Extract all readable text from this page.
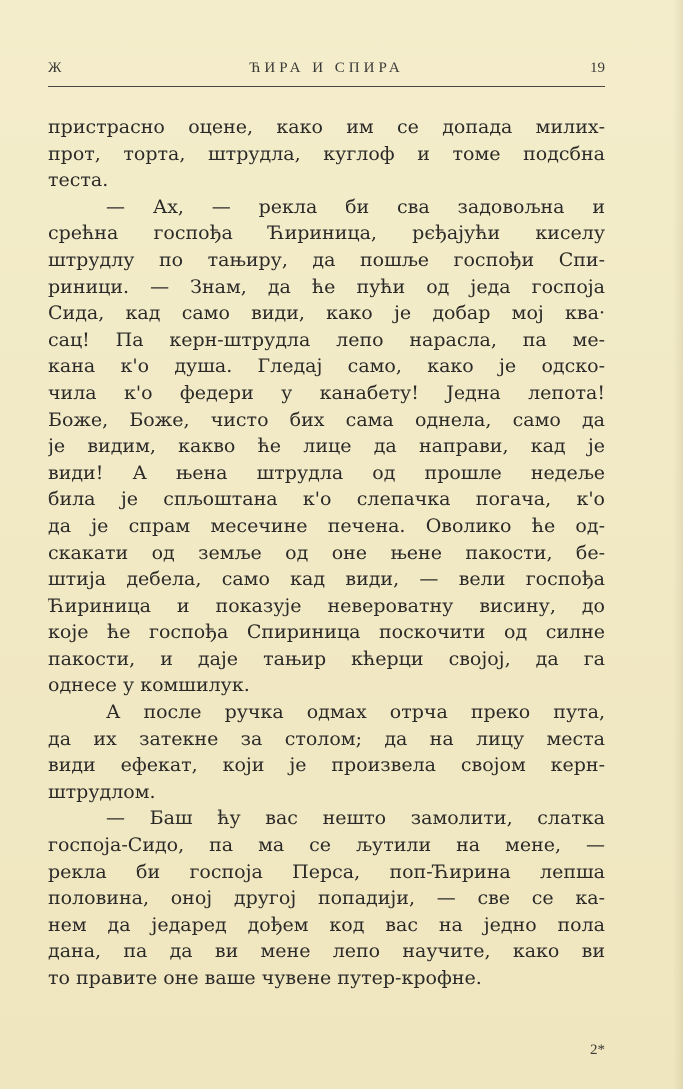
Ж	ЋИРА И СПИРА	19
пристрасно оцене, како им се допада милих-
прот, торта, штрудла, куглоф и томе подсбна
теста.
— Ах, — рекла би сва задовољна и
срећна госпођа Ћириница, рєђајући киселу
штрудлу по тањиру, да пошље госпођи Спи-
риници. — Знам, да ће пући од једа госпоја
Сида, кад само види, како је добар мој ква·
сац! Па керн-штрудла лепо нарасла, па ме-
кана к'о душа. Гледај само, како је одско-
чила к'о федери у канабету! Једна лепота!
Боже, Боже, чисто бих сама однела, само да
је видим, какво ће лице да направи, кад је
види! А њена штрудла од прошле недеље
била је спљоштана к'о слепачка погача, к'о
да је спрам месечине печена. Оволико ће од-
скакати од земље од оне њене пакости, бе-
штија дебела, само кад види, — вели госпођа
Ћириница и показује невероватну висину, до
које ће госпођа Спириница поскочити од силне
пакости, и даје тањир кћерци својој, да га
однесе у комшилук.
А после ручка одмах отрча преко пута,
да их затекне за столом; да на лицу места
види ефекат, који је произвела својом керн-
штрудлом.
— Баш ћу вас нешто замолити, слатка
госпоја-Сидо, па ма се љутили на мене, —
рекла би госпоја Перса, поп-Ћирина лепша
половина, оној другој попадији, — све се ка-
нем да једаред дођем код вас на једно пола
дана, па да ви мене лепо научите, како ви
то правите оне ваше чувене путер-крофне.
2*
